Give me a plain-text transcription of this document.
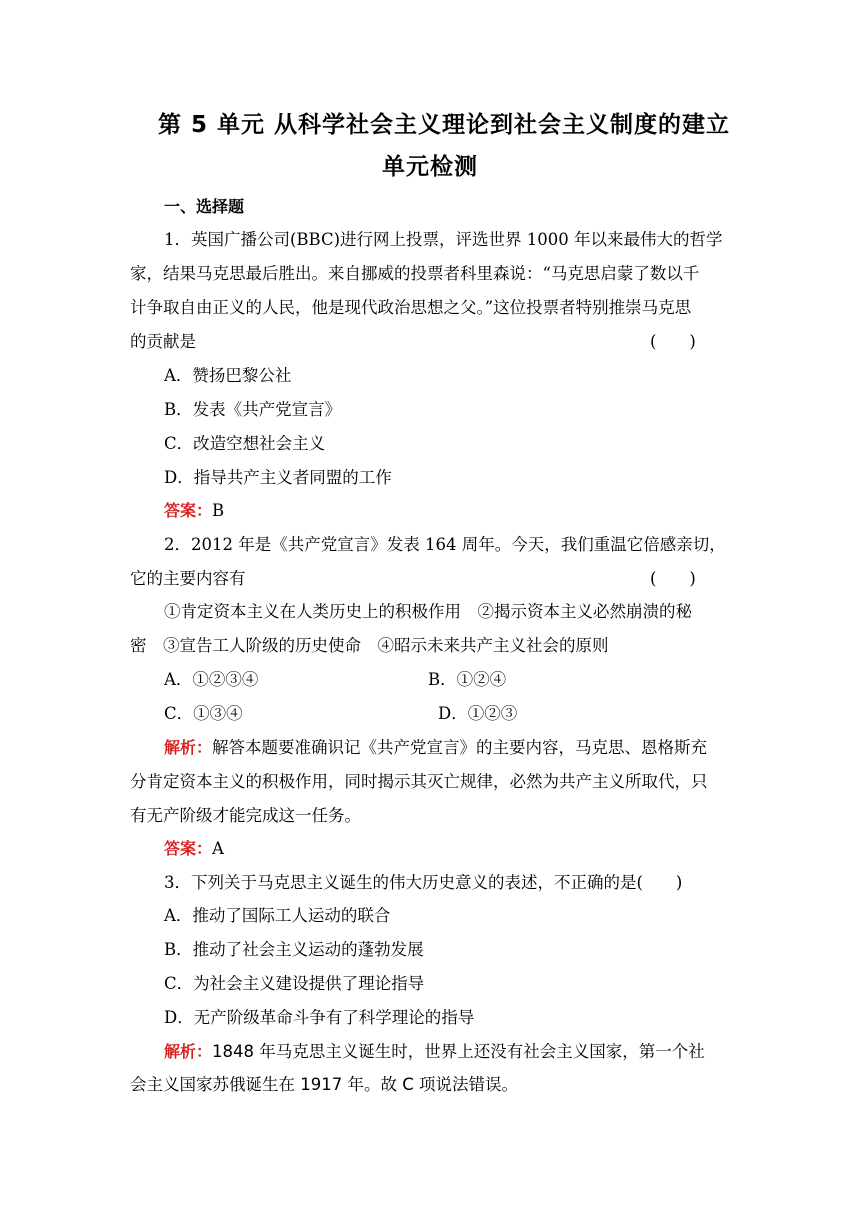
第 5 单元 从科学社会主义理论到社会主义制度的建立
单元检测
一、选择题
1．英国广播公司(BBC)进行网上投票，评选世界 1000 年以来最伟大的哲学
家，结果马克思最后胜出。来自挪威的投票者科里森说：“马克思启蒙了数以千
计争取自由正义的人民，他是现代政治思想之父。”这位投票者特别推崇马克思
的贡献是	(　　)
A．赞扬巴黎公社
B．发表《共产党宣言》
C．改造空想社会主义
D．指导共产主义者同盟的工作
答案：B
2．2012 年是《共产党宣言》发表 164 周年。今天，我们重温它倍感亲切，
它的主要内容有	(　　)
①肯定资本主义在人类历史上的积极作用　②揭示资本主义必然崩溃的秘
密　③宣告工人阶级的历史使命　④昭示未来共产主义社会的原则
A．①②③④	B．①②④
C．①③④	D．①②③
解析：解答本题要准确识记《共产党宣言》的主要内容，马克思、恩格斯充
分肯定资本主义的积极作用，同时揭示其灭亡规律，必然为共产主义所取代，只
有无产阶级才能完成这一任务。
答案：A
3．下列关于马克思主义诞生的伟大历史意义的表述，不正确的是(　　)
A．推动了国际工人运动的联合
B．推动了社会主义运动的蓬勃发展
C．为社会主义建设提供了理论指导
D．无产阶级革命斗争有了科学理论的指导
解析：1848 年马克思主义诞生时，世界上还没有社会主义国家，第一个社
会主义国家苏俄诞生在 1917 年。故 C 项说法错误。
